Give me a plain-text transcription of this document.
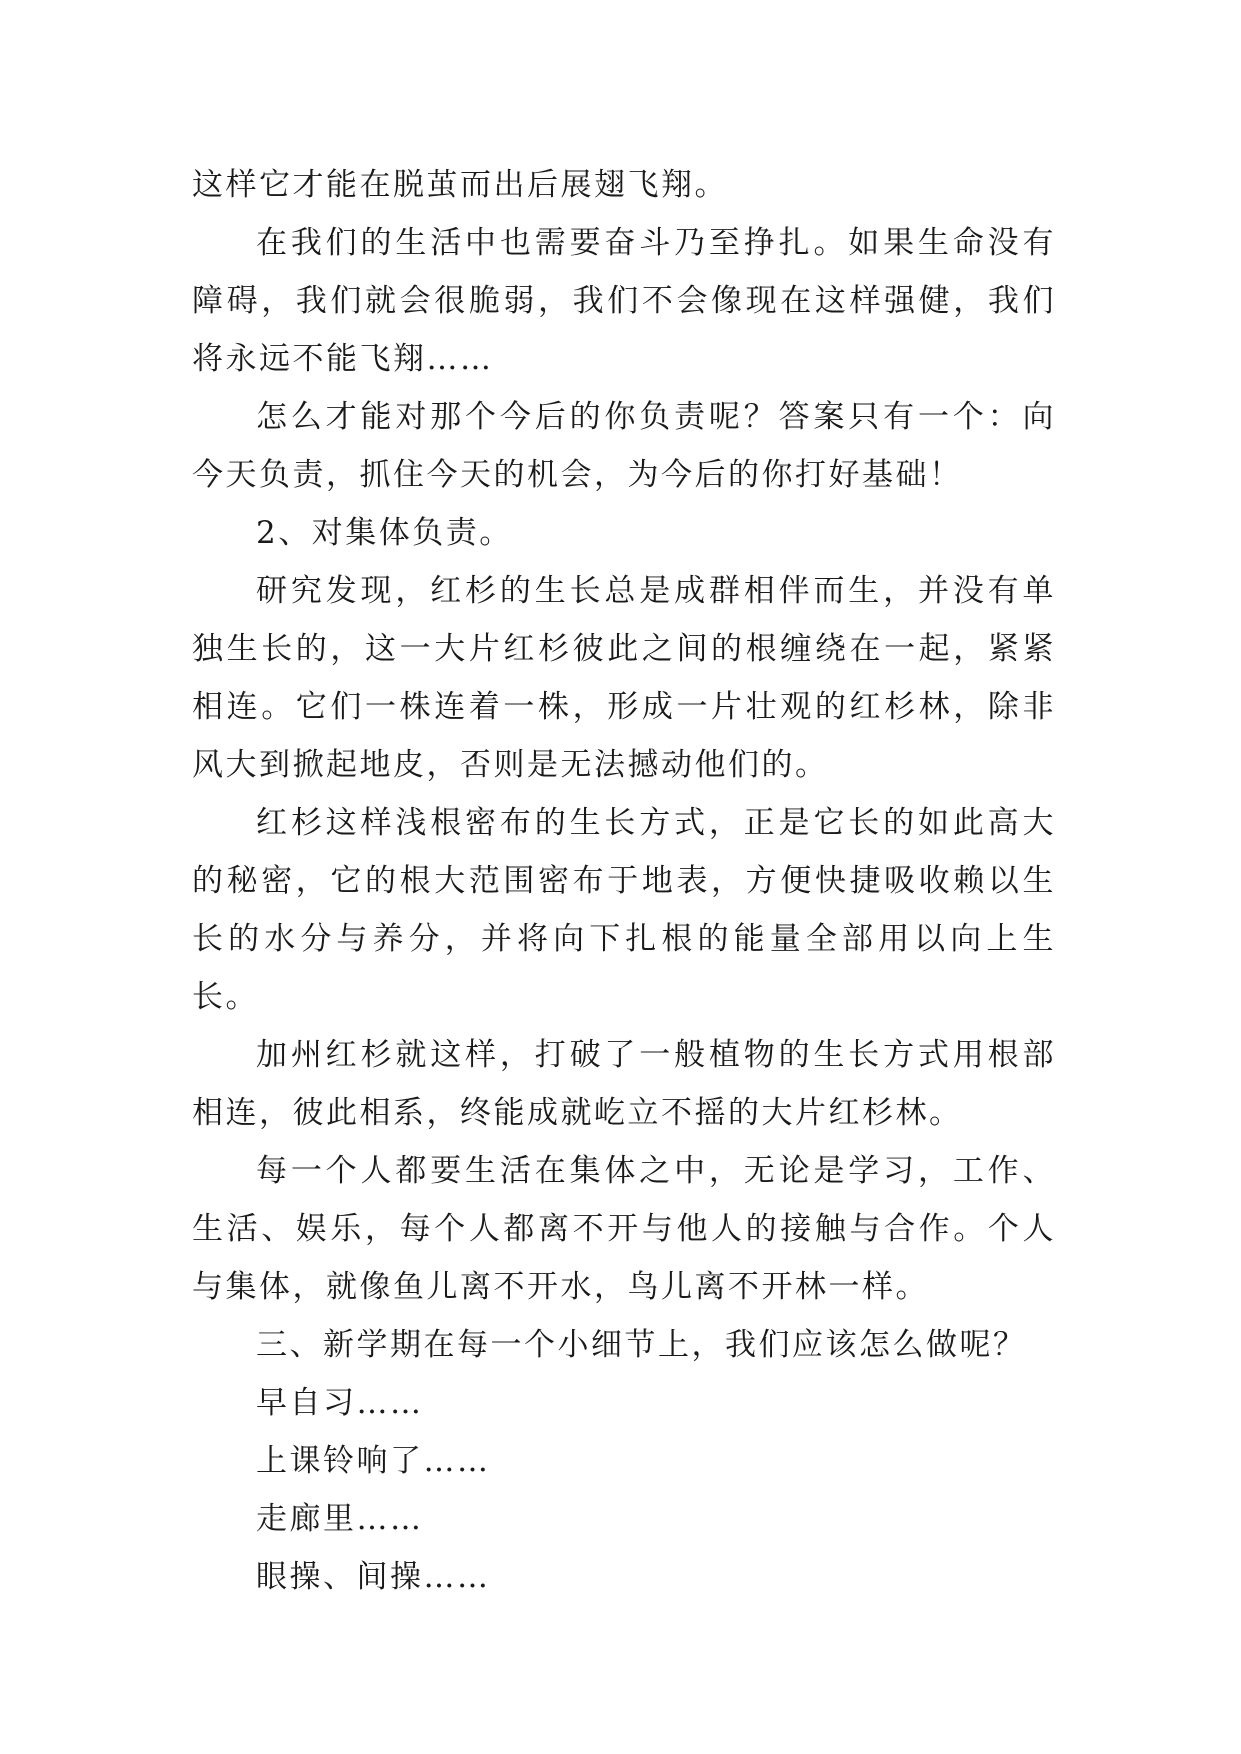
这样它才能在脱茧而出后展翅飞翔。

在我们的生活中也需要奋斗乃至挣扎。如果生命没有障碍，我们就会很脆弱，我们不会像现在这样强健，我们将永远不能飞翔……

怎么才能对那个今后的你负责呢？答案只有一个：向今天负责，抓住今天的机会，为今后的你打好基础！

2、对集体负责。

研究发现，红杉的生长总是成群相伴而生，并没有单独生长的，这一大片红杉彼此之间的根缠绕在一起，紧紧相连。它们一株连着一株，形成一片壮观的红杉林，除非风大到掀起地皮，否则是无法撼动他们的。

红杉这样浅根密布的生长方式，正是它长的如此高大的秘密，它的根大范围密布于地表，方便快捷吸收赖以生长的水分与养分，并将向下扎根的能量全部用以向上生长。

加州红杉就这样，打破了一般植物的生长方式用根部相连，彼此相系，终能成就屹立不摇的大片红杉林。

每一个人都要生活在集体之中，无论是学习，工作、生活、娱乐，每个人都离不开与他人的接触与合作。个人与集体，就像鱼儿离不开水，鸟儿离不开林一样。

三、新学期在每一个小细节上，我们应该怎么做呢？

早自习……

上课铃响了……

走廊里……

眼操、间操……
